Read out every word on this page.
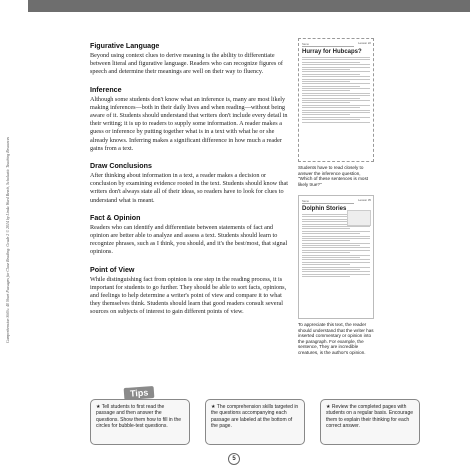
Comprehension Skills: 40 Short Passages for Close Reading: Grade 2 © 2014 by Linda Ward Beech, Scholastic Teaching Resources
Figurative Language
Beyond using context clues to derive meaning is the ability to differentiate between literal and figurative language. Readers who can recognize figures of speech and determine their meanings are well on their way to fluency.
Inference
Although some students don't know what an inference is, many are most likely making inferences—both in their daily lives and when reading—without being aware of it. Students should understand that writers don't include every detail in their writing; it is up to readers to supply some information. A reader makes a guess or inference by putting together what is in a text with what he or she already knows. Inferring makes a significant difference in how much a reader gains from a text.
Draw Conclusions
After thinking about information in a text, a reader makes a decision or conclusion by examining evidence rooted in the text. Students should know that writers don't always state all of their ideas, so readers have to look for clues to understand what is meant.
Fact & Opinion
Readers who can identify and differentiate between statements of fact and opinion are better able to analyze and assess a text. Students should learn to recognize phrases, such as I think, you should, and it's the best/most, that signal opinions.
Point of View
While distinguishing fact from opinion is one step in the reading process, it is important for students to go further. They should be able to sort facts, opinions, and feelings to help determine a writer's point of view and compare it to what they themselves think. Students should learn that good readers consult several sources on subjects of interest to gain different points of view.
Lesson 22
Name
Hurray for Hubcaps?
Students have to read closely to answer the inference question, "Which of these sentences is most likely true?"
Lesson 35
Name
Dolphin Stories
To appreciate this text, the reader should understand that the writer has inserted commentary or opinion into the paragraph. For example, the sentence, They are incredible creatures, is the author's opinion.
Tips
★ Tell students to first read the passage and then answer the questions. Show them how to fill in the circles for bubble-test questions.
★ The comprehension skills targeted in the questions accompanying each passage are labeled at the bottom of the page.
★ Review the completed pages with students on a regular basis. Encourage them to explain their thinking for each correct answer.
5
